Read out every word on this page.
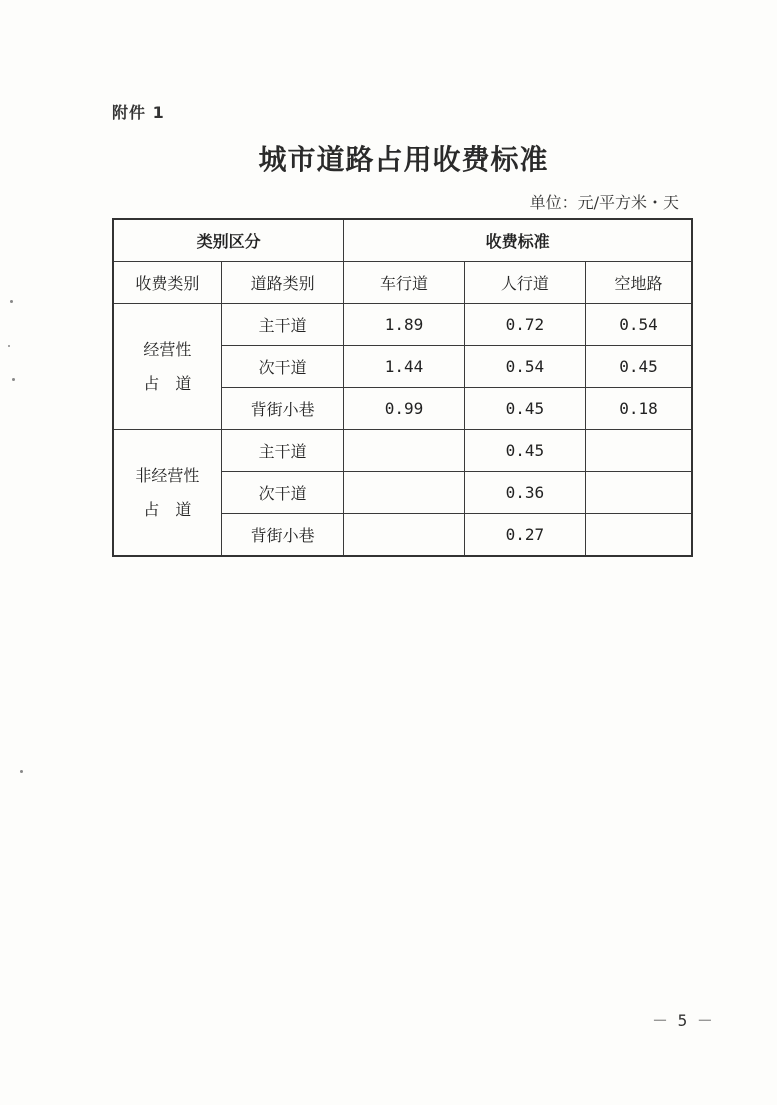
附件 1
城市道路占用收费标准
单位：元/平方米・天
类别区分		收费标准		
收费类别	道路类别	车行道	人行道	空地路

经营性
占　道	主干道	1.89	0.72	0.54
	次干道	1.44	0.54	0.45
	背街小巷	0.99	0.45	0.18

非经营性
占　道	主干道		0.45	
	次干道		0.36	
	背街小巷		0.27	
－ 5 －
